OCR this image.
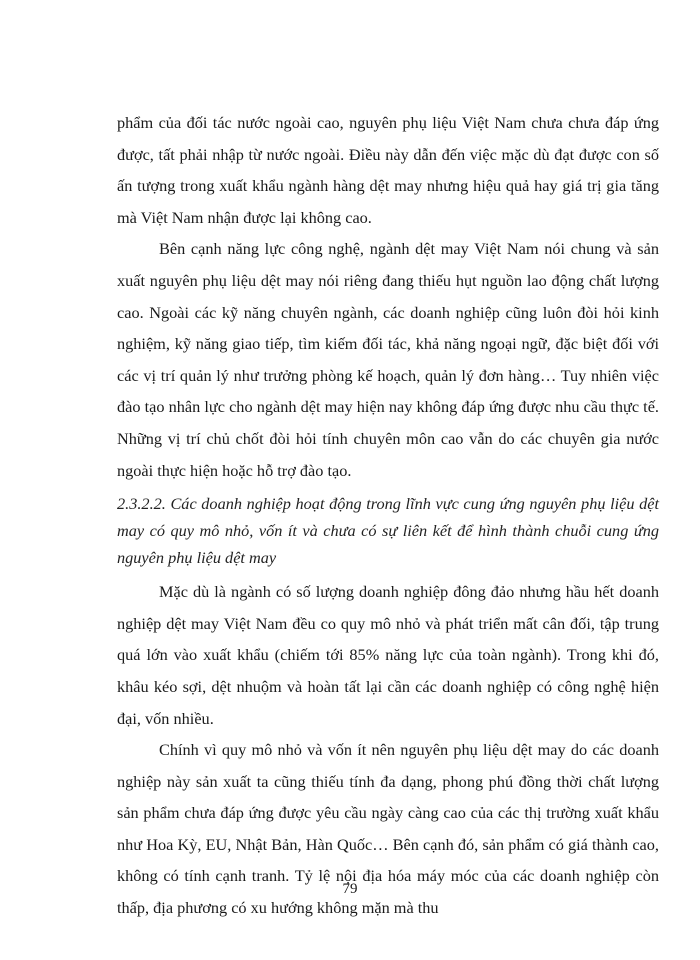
phẩm của đối tác nước ngoài cao, nguyên phụ liệu Việt Nam chưa chưa đáp ứng được, tất phải nhập từ nước ngoài. Điều này dẫn đến việc mặc dù đạt được con số ấn tượng trong xuất khẩu ngành hàng dệt may nhưng hiệu quả hay giá trị gia tăng mà Việt Nam nhận được lại không cao.

Bên cạnh năng lực công nghệ, ngành dệt may Việt Nam nói chung và sản xuất nguyên phụ liệu dệt may nói riêng đang thiếu hụt nguồn lao động chất lượng cao. Ngoài các kỹ năng chuyên ngành, các doanh nghiệp cũng luôn đòi hỏi kinh nghiệm, kỹ năng giao tiếp, tìm kiếm đối tác, khả năng ngoại ngữ, đặc biệt đối với các vị trí quản lý như trưởng phòng kế hoạch, quản lý đơn hàng… Tuy nhiên việc đào tạo nhân lực cho ngành dệt may hiện nay không đáp ứng được nhu cầu thực tế. Những vị trí chủ chốt đòi hỏi tính chuyên môn cao vẫn do các chuyên gia nước ngoài thực hiện hoặc hỗ trợ đào tạo.

2.3.2.2. Các doanh nghiệp hoạt động trong lĩnh vực cung ứng nguyên phụ liệu dệt may có quy mô nhỏ, vốn ít và chưa có sự liên kết để hình thành chuỗi cung ứng nguyên phụ liệu dệt may

Mặc dù là ngành có số lượng doanh nghiệp đông đảo nhưng hầu hết doanh nghiệp dệt may Việt Nam đều co quy mô nhỏ và phát triển mất cân đối, tập trung quá lớn vào xuất khẩu (chiếm tới 85% năng lực của toàn ngành). Trong khi đó, khâu kéo sợi, dệt nhuộm và hoàn tất lại cần các doanh nghiệp có công nghệ hiện đại, vốn nhiều.

Chính vì quy mô nhỏ và vốn ít nên nguyên phụ liệu dệt may do các doanh nghiệp này sản xuất ta cũng thiếu tính đa dạng, phong phú đồng thời chất lượng sản phẩm chưa đáp ứng được yêu cầu ngày càng cao của các thị trường xuất khẩu như Hoa Kỳ, EU, Nhật Bản, Hàn Quốc… Bên cạnh đó, sản phẩm có giá thành cao, không có tính cạnh tranh. Tỷ lệ nội địa hóa máy móc của các doanh nghiệp còn thấp, địa phương có xu hướng không mặn mà thu

79
